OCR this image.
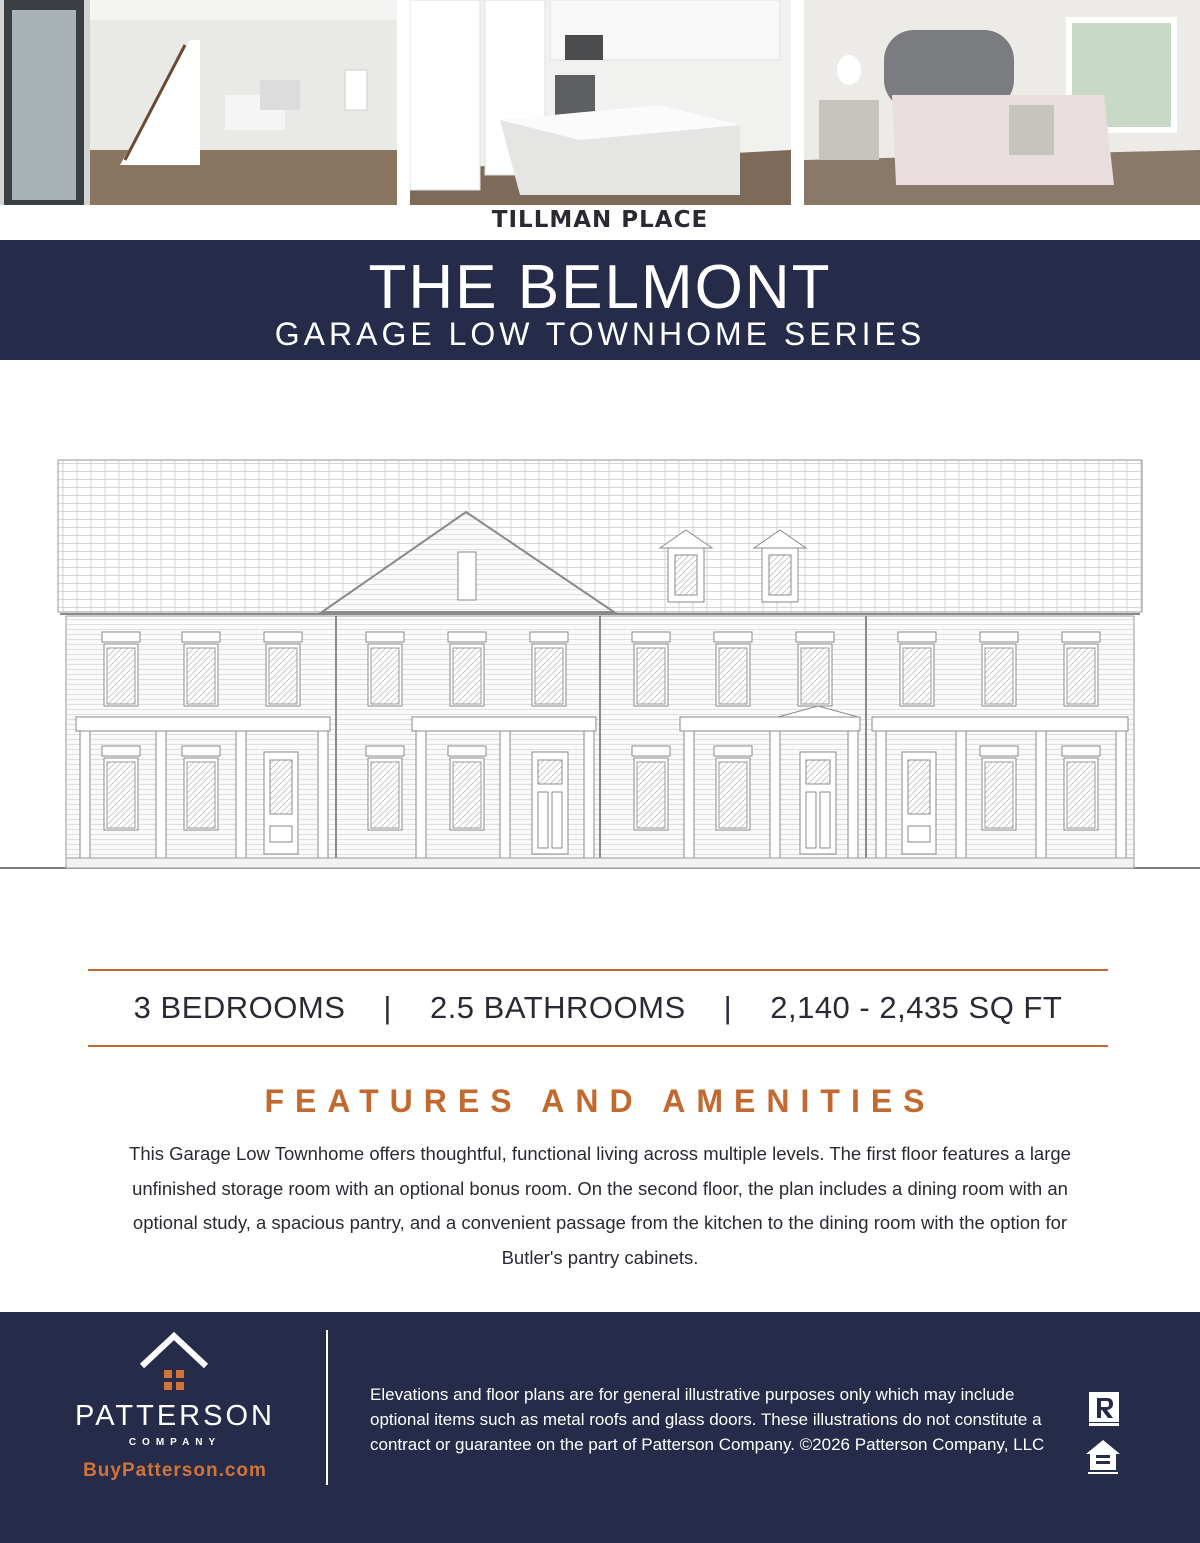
TILLMAN PLACE
THE BELMONT
GARAGE LOW TOWNHOME SERIES
3 BEDROOMS | 2.5 BATHROOMS | 2,140 - 2,435 SQ FT
FEATURES AND AMENITIES
This Garage Low Townhome offers thoughtful, functional living across multiple levels. The first floor features a large unfinished storage room with an optional bonus room. On the second floor, the plan includes a dining room with an optional study, a spacious pantry, and a convenient passage from the kitchen to the dining room with the option for Butler's pantry cabinets.
PATTERSON
COMPANY
BuyPatterson.com
Elevations and floor plans are for general illustrative purposes only which may include optional items such as metal roofs and glass doors. These illustrations do not constitute a contract or guarantee on the part of Patterson Company. ©2026 Patterson Company, LLC
